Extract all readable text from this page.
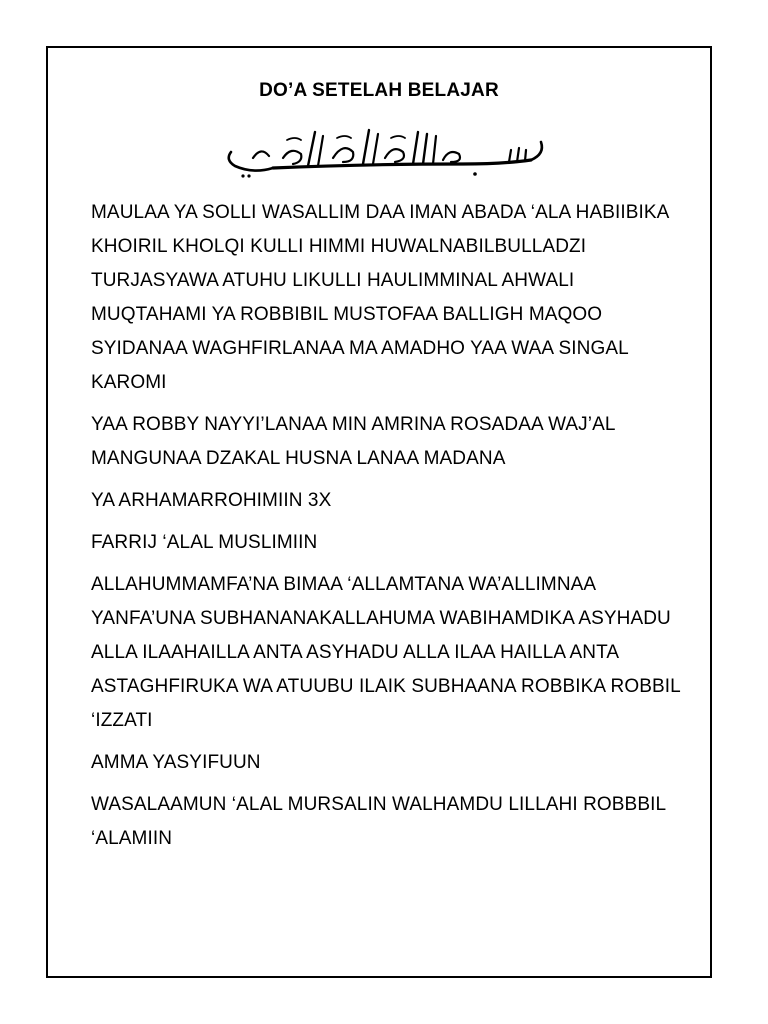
DO’A SETELAH BELAJAR

MAULAA YA SOLLI WASALLIM DAA IMAN ABADA ‘ALA HABIIBIKA KHOIRIL KHOLQI KULLI HIMMI HUWALNABILBULLADZI TURJASYAWA ATUHU LIKULLI HAULIMMINAL AHWALI MUQTAHAMI YA ROBBIBIL MUSTOFAA BALLIGH MAQOO SYIDANAA WAGHFIRLANAA MA AMADHO YAA WAA SINGAL KAROMI

YAA ROBBY NAYYI’LANAA MIN AMRINA ROSADAA WAJ’AL MANGUNAA DZAKAL HUSNA LANAA MADANA

YA ARHAMARROHIMIIN 3X

FARRIJ ‘ALAL MUSLIMIIN

ALLAHUMMAMFA’NA BIMAA ‘ALLAMTANA WA’ALLIMNAA YANFA’UNA SUBHANANAKALLAHUMA WABIHAMDIKA ASYHADU ALLA ILAAHAILLA ANTA ASYHADU ALLA ILAA HAILLA ANTA ASTAGHFIRUKA WA ATUUBU ILAIK SUBHAANA ROBBIKA ROBBIL ‘IZZATI

AMMA YASYIFUUN

WASALAAMUN ‘ALAL MURSALIN WALHAMDU LILLAHI ROBBBIL ‘ALAMIIN
